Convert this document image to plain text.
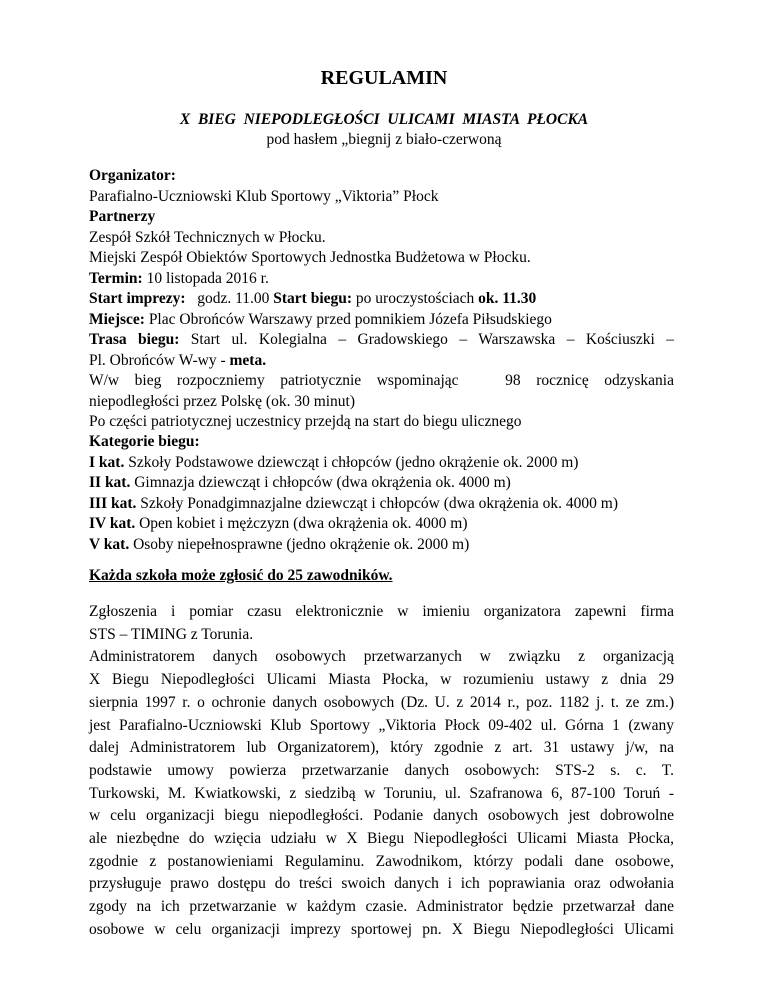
REGULAMIN
X  BIEG  NIEPODLEGŁOŚCI  ULICAMI  MIASTA  PŁOCKA
pod hasłem „biegnij z biało-czerwoną
Organizator:
Parafialno-Uczniowski Klub Sportowy „Viktoria” Płock
Partnerzy
Zespół Szkół Technicznych w Płocku.
Miejski Zespół Obiektów Sportowych Jednostka Budżetowa w Płocku.
Termin: 10 listopada 2016 r.
Start imprezy:   godz. 11.00 Start biegu: po uroczystościach ok. 11.30
Miejsce: Plac Obrońców Warszawy przed pomnikiem Józefa Piłsudskiego
Trasa biegu: Start ul. Kolegialna – Gradowskiego – Warszawska – Kościuszki –
Pl. Obrońców W-wy - meta.
W/w bieg rozpoczniemy patriotycznie wspominając   98 rocznicę odzyskania
niepodległości przez Polskę (ok. 30 minut)
Po części patriotycznej uczestnicy przejdą na start do biegu ulicznego
Kategorie biegu:
I kat. Szkoły Podstawowe dziewcząt i chłopców (jedno okrążenie ok. 2000 m)
II kat. Gimnazja dziewcząt i chłopców (dwa okrążenia ok. 4000 m)
III kat. Szkoły Ponadgimnazjalne dziewcząt i chłopców (dwa okrążenia ok. 4000 m)
IV kat. Open kobiet i mężczyzn (dwa okrążenia ok. 4000 m)
V kat. Osoby niepełnosprawne (jedno okrążenie ok. 2000 m)
Każda szkoła może zgłosić do 25 zawodników.
Zgłoszenia i pomiar czasu elektronicznie w imieniu organizatora zapewni firma
STS – TIMING z Torunia.
Administratorem danych osobowych przetwarzanych w związku z organizacją
X Biegu Niepodległości Ulicami Miasta Płocka, w rozumieniu ustawy z dnia 29
sierpnia 1997 r. o ochronie danych osobowych (Dz. U. z 2014 r., poz. 1182 j. t. ze zm.)
jest Parafialno-Uczniowski Klub Sportowy „Viktoria Płock 09-402 ul. Górna 1 (zwany
dalej Administratorem lub Organizatorem), który zgodnie z art. 31 ustawy j/w, na
podstawie umowy powierza przetwarzanie danych osobowych: STS-2 s. c. T.
Turkowski, M. Kwiatkowski, z siedzibą w Toruniu, ul. Szafranowa 6, 87-100 Toruń -
w celu organizacji biegu niepodległości. Podanie danych osobowych jest dobrowolne
ale niezbędne do wzięcia udziału w X Biegu Niepodległości Ulicami Miasta Płocka,
zgodnie z postanowieniami Regulaminu. Zawodnikom, którzy podali dane osobowe,
przysługuje prawo dostępu do treści swoich danych i ich poprawiania oraz odwołania
zgody na ich przetwarzanie w każdym czasie. Administrator będzie przetwarzał dane
osobowe w celu organizacji imprezy sportowej pn. X Biegu Niepodległości Ulicami
